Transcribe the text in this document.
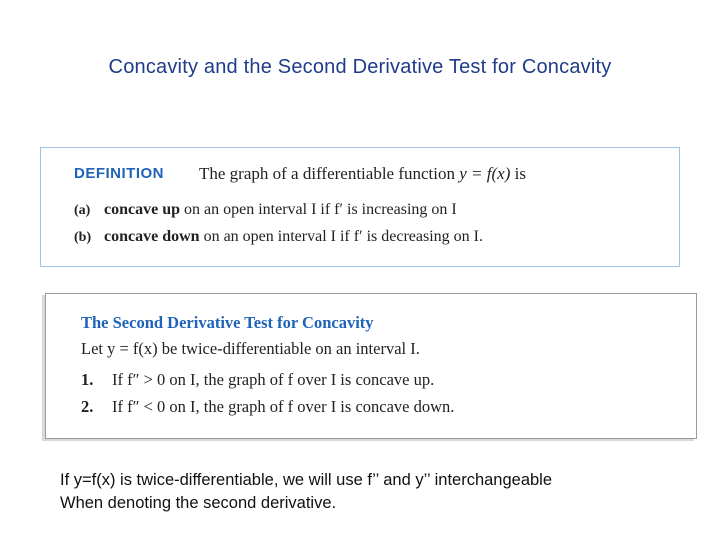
Concavity and the Second Derivative Test for Concavity
DEFINITION The graph of a differentiable function y = f(x) is
(a) concave up on an open interval I if f′ is increasing on I
(b) concave down on an open interval I if f′ is decreasing on I.
The Second Derivative Test for Concavity
Let y = f(x) be twice-differentiable on an interval I.
1. If f″ > 0 on I, the graph of f over I is concave up.
2. If f″ < 0 on I, the graph of f over I is concave down.
If y=f(x) is twice-differentiable, we will use f’’ and y’’ interchangeable
When denoting the second derivative.
